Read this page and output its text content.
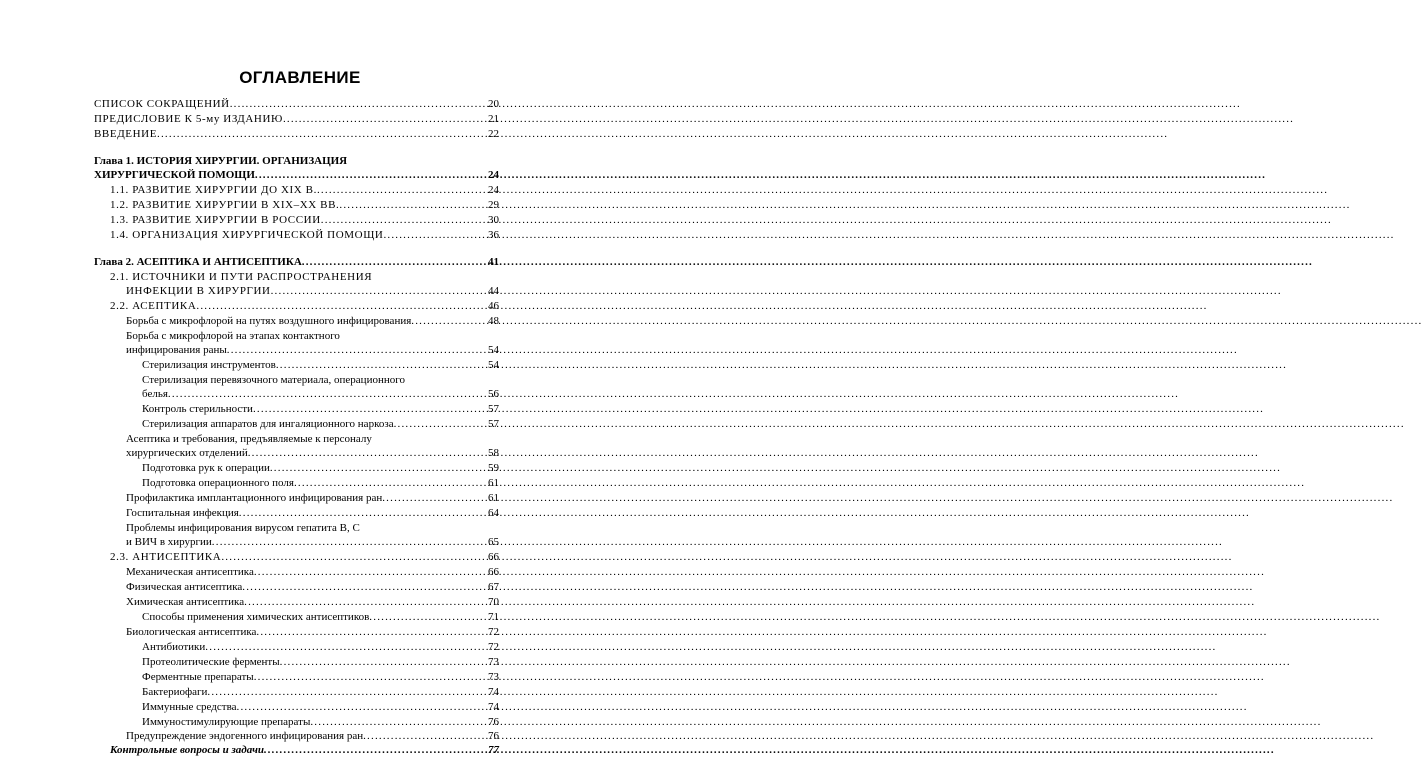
ОГЛАВЛЕНИЕ
СПИСОК СОКРАЩЕНИЙ .....	20
ПРЕДИСЛОВИЕ К 5-му ИЗДАНИЮ .....	21
ВВЕДЕНИЕ .....	22
Глава 1. ИСТОРИЯ ХИРУРГИИ. ОРГАНИЗАЦИЯ
ХИРУРГИЧЕСКОЙ ПОМОЩИ .....	24
1.1. РАЗВИТИЕ ХИРУРГИИ ДО XIX В. .....	24
1.2. РАЗВИТИЕ ХИРУРГИИ В XIX–XX ВВ. .....	29
1.3. РАЗВИТИЕ ХИРУРГИИ В РОССИИ .....	30
1.4. ОРГАНИЗАЦИЯ ХИРУРГИЧЕСКОЙ ПОМОЩИ .....	36
Глава 2. АСЕПТИКА И АНТИСЕПТИКА .....	41
2.1. ИСТОЧНИКИ И ПУТИ РАСПРОСТРАНЕНИЯ
ИНФЕКЦИИ В ХИРУРГИИ .....	44
2.2. АСЕПТИКА .....	46
Борьба с микрофлорой на путях воздушного инфицирования .....	48
Борьба с микрофлорой на этапах контактного
инфицирования раны .....	54
Стерилизация инструментов .....	54
Стерилизация перевязочного материала, операционного
белья .....	56
Контроль стерильности .....	57
Стерилизация аппаратов для ингаляционного наркоза .....	57
Асептика и требования, предъявляемые к персоналу
хирургических отделений .....	58
Подготовка рук к операции .....	59
Подготовка операционного поля .....	61
Профилактика имплантационного инфицирования ран .....	61
Госпитальная инфекция .....	64
Проблемы инфицирования вирусом гепатита В, С
и ВИЧ в хирургии .....	65
2.3. АНТИСЕПТИКА .....	66
Механическая антисептика .....	66
Физическая антисептика .....	67
Химическая антисептика .....	70
Способы применения химических антисептиков .....	71
Биологическая антисептика .....	72
Антибиотики .....	72
Протеолитические ферменты .....	73
Ферментные препараты .....	73
Бактериофаги .....	74
Иммунные средства .....	74
Иммуностимулирующие препараты .....	76
Предупреждение эндогенного инфицирования ран .....	76
Контрольные вопросы и задачи .....	77
